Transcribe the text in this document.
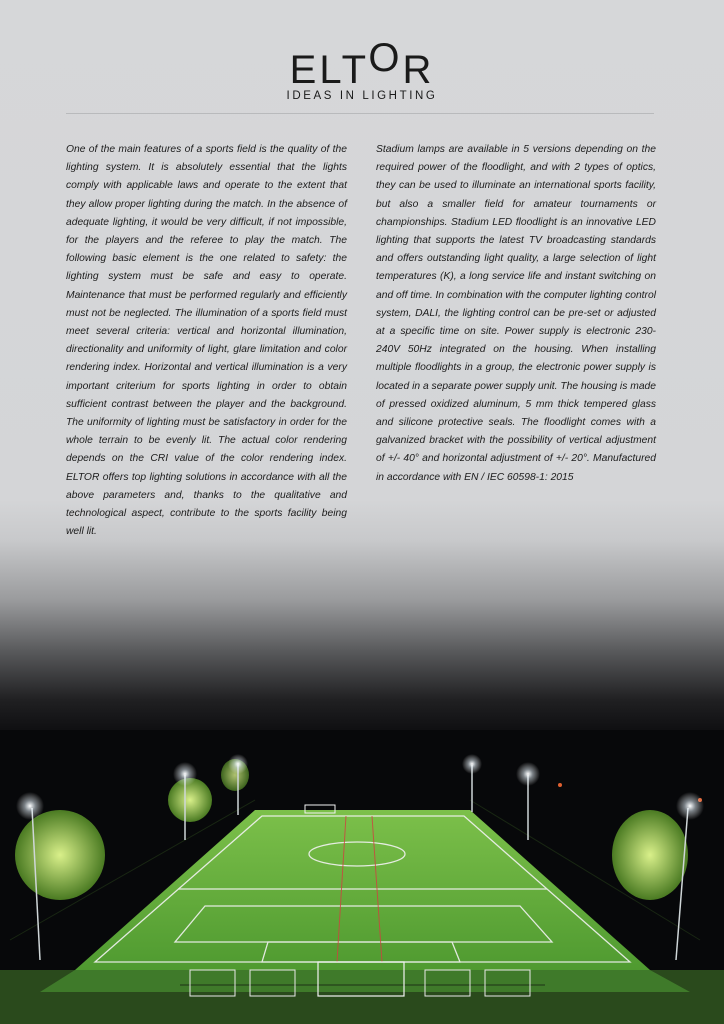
ELTOR
IDEAS IN LIGHTING
One of the main features of a sports field is the quality of the lighting system. It is absolutely essential that the lights comply with applicable laws and operate to the extent that they allow proper lighting during the match. In the absence of adequate lighting, it would be very difficult, if not impossible, for the players and the referee to play the match. The following basic element is the one related to safety: the lighting system must be safe and easy to operate. Maintenance that must be performed regularly and efficiently must not be neglected. The illumination of a sports field must meet several criteria: vertical and horizontal illumination, directionality and uniformity of light, glare limitation and color rendering index. Horizontal and vertical illumination is a very important criterium for sports lighting in order to obtain sufficient contrast between the player and the background. The uniformity of lighting must be satisfactory in order for the whole terrain to be evenly lit. The actual color rendering depends on the CRI value of the color rendering index. ELTOR offers top lighting solutions in accordance with all the above parameters and, thanks to the qualitative and technological aspect, contribute to the sports facility being well lit.
Stadium lamps are available in 5 versions depending on the required power of the floodlight, and with 2 types of optics, they can be used to illuminate an international sports facility, but also a smaller field for amateur tournaments or championships. Stadium LED floodlight is an innovative LED lighting that supports the latest TV broadcasting standards and offers outstanding light quality, a large selection of light temperatures (K), a long service life and instant switching on and off time. In combination with the computer lighting control system, DALI, the lighting control can be pre-set or adjusted at a specific time on site. Power supply is electronic 230-240V 50Hz integrated on the housing. When installing multiple floodlights in a group, the electronic power supply is located in a separate power supply unit. The housing is made of pressed oxidized aluminum, 5 mm thick tempered glass and silicone protective seals. The floodlight comes with a galvanized bracket with the possibility of vertical adjustment of +/- 40° and horizontal adjustment of +/- 20°. Manufactured in accordance with EN / IEC 60598-1: 2015
